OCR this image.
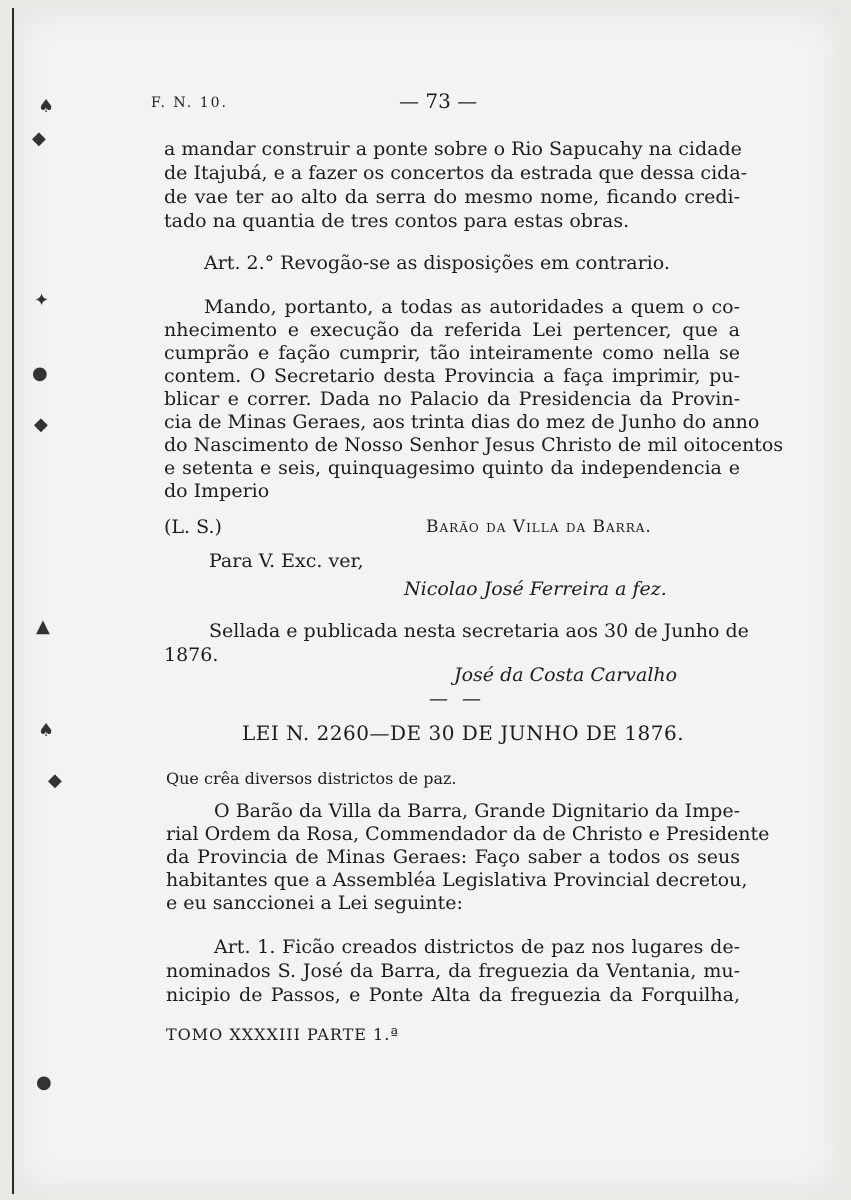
♠
◆
✦
●
◆
▲
♠
◆
●
F. N. 10.	— 73 —
a mandar construir a ponte sobre o Rio Sapucahy na cidade
de Itajubá, e a fazer os concertos da estrada que dessa cida-
de vae ter ao alto da serra do mesmo nome, ficando credi-
tado na quantia de tres contos para estas obras.
Art. 2.° Revogão-se as disposições em contrario.
Mando, portanto, a todas as autoridades a quem o co-
nhecimento e execução da referida Lei pertencer, que a
cumprão e fação cumprir, tão inteiramente como nella se
contem. O Secretario desta Provincia a faça imprimir, pu-
blicar e correr. Dada no Palacio da Presidencia da Provin-
cia de Minas Geraes, aos trinta dias do mez de Junho do anno
do Nascimento de Nosso Senhor Jesus Christo de mil oitocentos
e setenta e seis, quinquagesimo quinto da independencia e
do Imperio
(L. S.)	Barão da Villa da Barra.
Para V. Exc. ver,
Nicolao José Ferreira a fez.
Sellada e publicada nesta secretaria aos 30 de Junho de
1876.
José da Costa Carvalho
— —
LEI N. 2260—DE 30 DE JUNHO DE 1876.
Que crêa diversos districtos de paz.
O Barão da Villa da Barra, Grande Dignitario da Impe-
rial Ordem da Rosa, Commendador da de Christo e Presidente
da Provincia de Minas Geraes: Faço saber a todos os seus
habitantes que a Assembléa Legislativa Provincial decretou,
e eu sanccionei a Lei seguinte:
Art. 1. Ficão creados districtos de paz nos lugares de-
nominados S. José da Barra, da freguezia da Ventania, mu-
nicipio de Passos, e Ponte Alta da freguezia da Forquilha,
TOMO XXXXIII PARTE 1.ª
